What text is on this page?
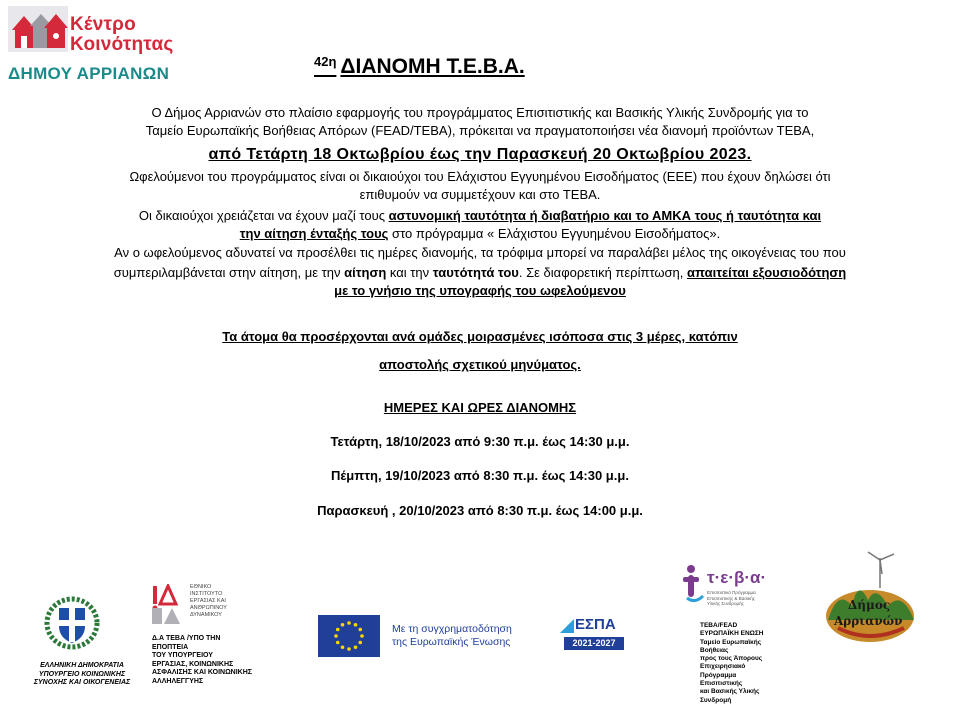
Κέντρο
Κοινότητας
ΔΗΜΟΥ ΑΡΡΙΑΝΩΝ
$^{42\eta}$ ΔΙΑΝΟΜΗ Τ.Ε.Β.Α.
Ο Δήμος Αρριανών στο πλαίσιο εφαρμογής του προγράμματος Επισιτιστικής και Βασικής Υλικής Συνδρομής για το
Ταμείο Ευρωπαϊκής Βοήθειας Απόρων (FEAD/ΤΕΒΑ), πρόκειται να πραγματοποιήσει νέα διανομή προϊόντων ΤΕΒΑ,
από Τετάρτη 18 Οκτωβρίου έως την Παρασκευή 20 Οκτωβρίου 2023.
Ωφελούμενοι του προγράμματος είναι οι δικαιούχοι του Ελάχιστου Εγγυημένου Εισοδήματος (ΕΕΕ) που έχουν δηλώσει ότι
επιθυμούν να συμμετέχουν και στο ΤΕΒΑ.
Οι δικαιούχοι χρειάζεται να έχουν μαζί τους αστυνομική ταυτότητα ή διαβατήριο και το ΑΜΚΑ τους ή ταυτότητα και
την αίτηση ένταξής τους στο πρόγραμμα « Ελάχιστου Εγγυημένου Εισοδήματος».
Αν ο ωφελούμενος αδυνατεί να προσέλθει τις ημέρες διανομής, τα τρόφιμα μπορεί να παραλάβει μέλος της οικογένειας του που
συμπεριλαμβάνεται στην αίτηση, με την αίτηση και την ταυτότητά του. Σε διαφορετική περίπτωση, απαιτείται εξουσιοδότηση
με το γνήσιο της υπογραφής του ωφελούμενου
Τα άτομα θα προσέρχονται ανά ομάδες μοιρασμένες ισόποσα στις 3 μέρες, κατόπιν
αποστολής σχετικού μηνύματος.
ΗΜΕΡΕΣ ΚΑΙ ΩΡΕΣ ΔΙΑΝΟΜΗΣ
Τετάρτη, 18/10/2023 από 9:30 π.μ. έως 14:30 μ.μ.
Πέμπτη, 19/10/2023 από 8:30 π.μ. έως 14:30 μ.μ.
Παρασκευή , 20/10/2023 από 8:30 π.μ. έως 14:00 μ.μ.
ΕΛΛΗΝΙΚΗ ΔΗΜΟΚΡΑΤΙΑ
ΥΠΟΥΡΓΕΙΟ ΚΟΙΝΩΝΙΚΗΣ
ΣΥΝΟΧΗΣ ΚΑΙ ΟΙΚΟΓΕΝΕΙΑΣ
ΕΘΝΙΚΟ
ΙΝΣΤΙΤΟΥΤΟ
ΕΡΓΑΣΙΑΣ ΚΑΙ
ΑΝΘΡΩΠΙΝΟΥ
ΔΥΝΑΜΙΚΟΥ
Δ.Α ΤΕΒΑ /ΥΠΟ ΤΗΝ
ΕΠΟΠΤΕΙΑ
ΤΟΥ ΥΠΟΥΡΓΕΙΟΥ
ΕΡΓΑΣΙΑΣ, ΚΟΙΝΩΝΙΚΗΣ
ΑΣΦΑΛΙΣΗΣ ΚΑΙ ΚΟΙΝΩΝΙΚΗΣ
ΑΛΛΗΛΕΓΓΥΗΣ
Με τη συγχρηματοδότηση
της Ευρωπαϊκής Ένωσης
ΕΣΠΑ
2021-2027
τ·ε·β·α·
Επισιτιστικό Πρόγραμμα
Επισιτιστικής & Βασικής
Υλικής Συνδρομής
ΤΕΒΑ/FEAD
ΕΥΡΩΠΑΪΚΗ ΕΝΩΣΗ
Ταμείο Ευρωπαϊκής
Βοήθειας
προς τους Άπορους
Επιχειρησιακό
Πρόγραμμα
Επισιτιστικής
και Βασικής Υλικής
Συνδρομή
Δήμος
Αρριανών
